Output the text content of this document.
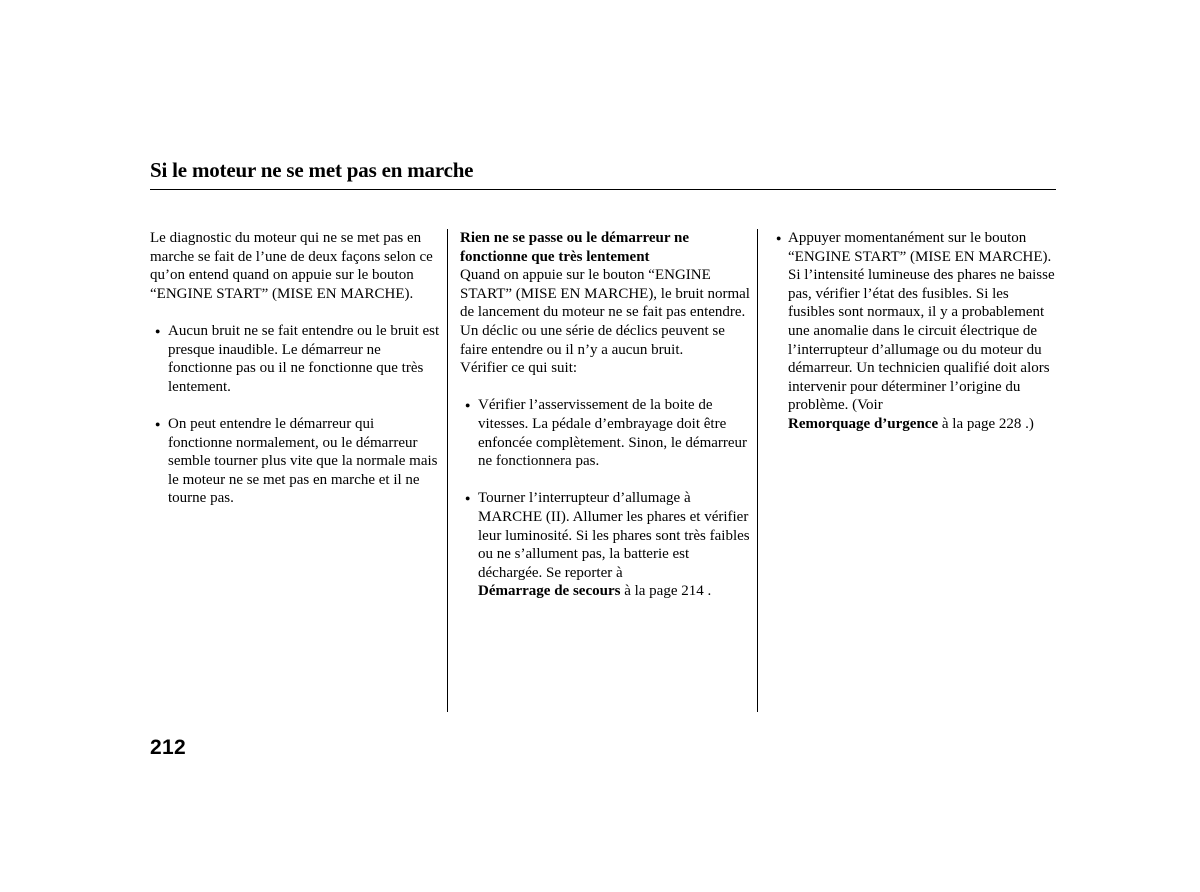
Si le moteur ne se met pas en marche

Le diagnostic du moteur qui ne se met pas en marche se fait de l’une de deux façons selon ce qu’on entend quand on appuie sur le bouton “ENGINE START” (MISE EN MARCHE).

● Aucun bruit ne se fait entendre ou le bruit est presque inaudible. Le démarreur ne fonctionne pas ou il ne fonctionne que très lentement.

● On peut entendre le démarreur qui fonctionne normalement, ou le démarreur semble tourner plus vite que la normale mais le moteur ne se met pas en marche et il ne tourne pas.

Rien ne se passe ou le démarreur ne fonctionne que très lentement

Quand on appuie sur le bouton “ENGINE START” (MISE EN MARCHE), le bruit normal de lancement du moteur ne se fait pas entendre. Un déclic ou une série de déclics peuvent se faire entendre ou il n’y a aucun bruit.

Vérifier ce qui suit:

● Vérifier l’asservissement de la boite de vitesses. La pédale d’embrayage doit être enfoncée complètement. Sinon, le démarreur ne fonctionnera pas.

● Tourner l’interrupteur d’allumage à MARCHE (II). Allumer les phares et vérifier leur luminosité. Si les phares sont très faibles ou ne s’allument pas, la batterie est déchargée. Se reporter à
Démarrage de secours à la page 214 .

● Appuyer momentanément sur le bouton “ENGINE START” (MISE EN MARCHE). Si l’intensité lumineuse des phares ne baisse pas, vérifier l’état des fusibles. Si les fusibles sont normaux, il y a probablement une anomalie dans le circuit électrique de l’interrupteur d’allumage ou du moteur du démarreur. Un technicien qualifié doit alors intervenir pour déterminer l’origine du problème. (Voir
Remorquage d’urgence à la page 228 .)

212
